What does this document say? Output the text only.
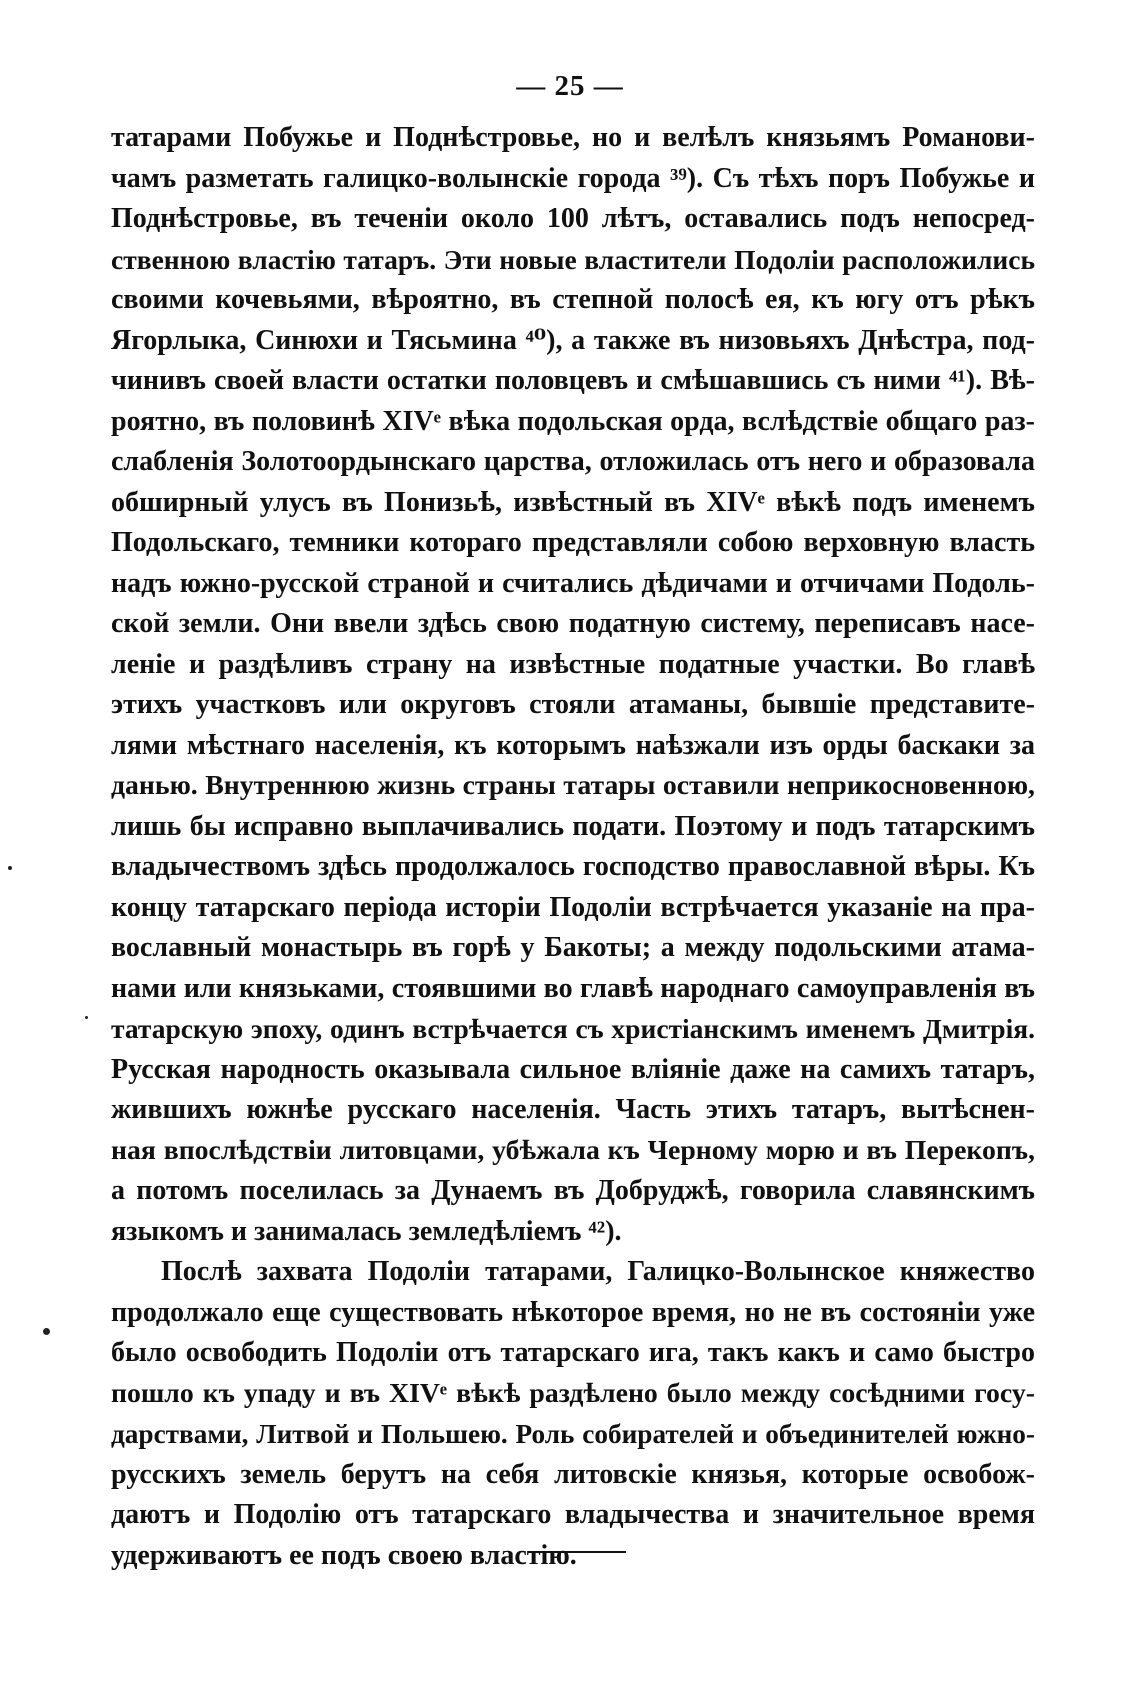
— 25 —
татарами Побужье и Поднѣстровье, но и велѣлъ князьямъ Романови-
чамъ разметать галицко-волынскіе города ³⁹). Съ тѣхъ поръ Побужье и
Поднѣстровье, въ теченіи около 100 лѣтъ, оставались подъ непосред-
ственною властію татаръ. Эти новые властители Подоліи расположились
своими кочевьями, вѣроятно, въ степной полосѣ ея, къ югу отъ рѣкъ
Ягорлыка, Синюхи и Тясьмина ⁴⁰), а также въ низовьяхъ Днѣстра, под-
чинивъ своей власти остатки половцевъ и смѣшавшись съ ними ⁴¹). Вѣ-
роятно, въ половинѣ XIVᵉ вѣка подольская орда, вслѣдствіе общаго раз-
слабленія Золотоордынскаго царства, отложилась отъ него и образовала
обширный улусъ въ Понизьѣ, извѣстный въ XIVᵉ вѣкѣ подъ именемъ
Подольскаго, темники котораго представляли собою верховную власть
надъ южно-русской страной и считались дѣдичами и отчичами Подоль-
ской земли. Они ввели здѣсь свою податную систему, переписавъ насе-
леніе и раздѣливъ страну на извѣстные податные участки. Во главѣ
этихъ участковъ или округовъ стояли атаманы, бывшіе представите-
лями мѣстнаго населенія, къ которымъ наѣзжали изъ орды баскаки за
данью. Внутреннюю жизнь страны татары оставили неприкосновенною,
лишь бы исправно выплачивались подати. Поэтому и подъ татарскимъ
владычествомъ здѣсь продолжалось господство православной вѣры. Къ
концу татарскаго періода исторіи Подоліи встрѣчается указаніе на пра-
вославный монастырь въ горѣ у Бакоты; а между подольскими атама-
нами или князьками, стоявшими во главѣ народнаго самоуправленія въ
татарскую эпоху, одинъ встрѣчается съ христіанскимъ именемъ Дмитрія.
Русская народность оказывала сильное вліяніе даже на самихъ татаръ,
жившихъ южнѣе русскаго населенія. Часть этихъ татаръ, вытѣснен-
ная впослѣдствіи литовцами, убѣжала къ Черному морю и въ Перекопъ,
а потомъ поселилась за Дунаемъ въ Добруджѣ, говорила славянскимъ
языкомъ и занималась земледѣліемъ ⁴²).
Послѣ захвата Подоліи татарами, Галицко-Волынское княжество
продолжало еще существовать нѣкоторое время, но не въ состояніи уже
было освободить Подоліи отъ татарскаго ига, такъ какъ и само быстро
пошло къ упаду и въ XIVᵉ вѣкѣ раздѣлено было между сосѣдними госу-
дарствами, Литвой и Польшею. Роль собирателей и объединителей южно-
русскихъ земель берутъ на себя литовскіе князья, которые освобож-
даютъ и Подолію отъ татарскаго владычества и значительное время
удерживаютъ ее подъ своею властію.
